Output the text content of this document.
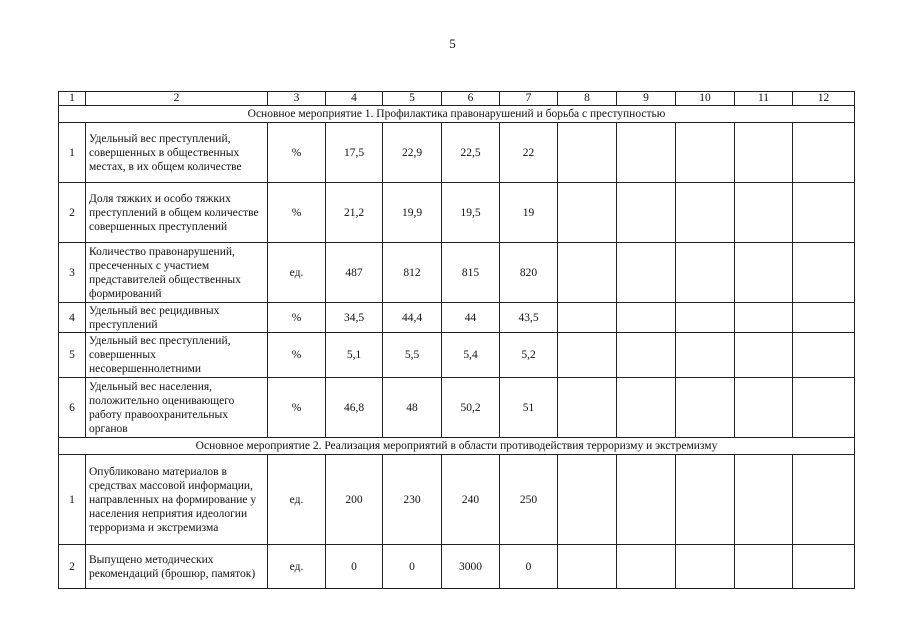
5
1	2	3	4	5	6	7	8	9	10	11	12
Основное мероприятие 1. Профилактика правонарушений и борьба с преступностью											
1	Удельный вес преступлений, совершенных в общественных местах, в их общем количестве	%	17,5	22,9	22,5	22					
2	Доля тяжких и особо тяжких преступлений в общем количестве совершенных преступлений	%	21,2	19,9	19,5	19					
3	Количество правонарушений, пресеченных с участием представителей общественных формирований	ед.	487	812	815	820					
4	Удельный вес рецидивных преступлений	%	34,5	44,4	44	43,5					
5	Удельный вес преступлений, совершенных несовершеннолетними	%	5,1	5,5	5,4	5,2					
6	Удельный вес населения, положительно оценивающего работу правоохранительных органов	%	46,8	48	50,2	51					
Основное мероприятие 2. Реализация мероприятий в области противодействия терроризму и экстремизму											
1	Опубликовано материалов в средствах массовой информации, направленных на формирование у населения неприятия идеологии терроризма и экстремизма	ед.	200	230	240	250					
2	Выпущено методических рекомендаций (брошюр, памяток)	ед.	0	0	3000	0					
